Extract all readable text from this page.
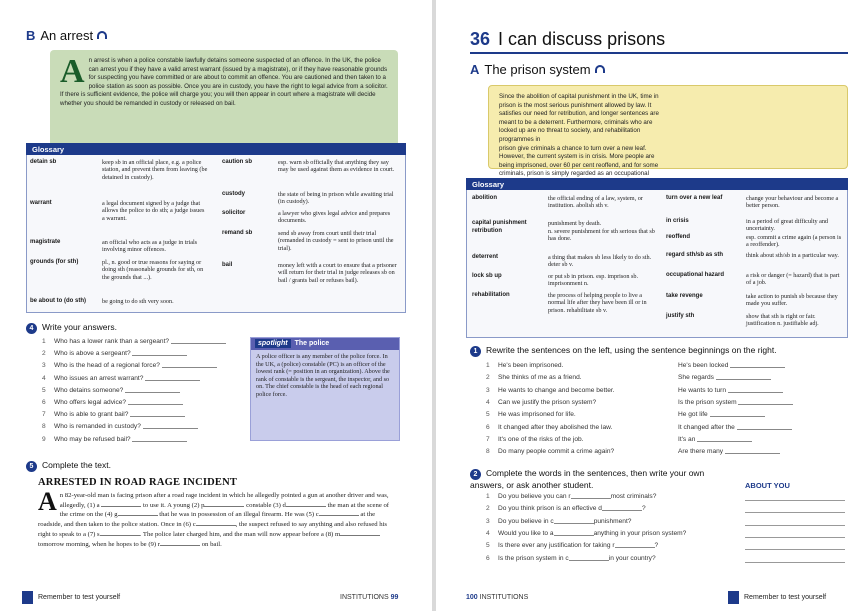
B An arrest
An arrest is when a police constable lawfully detains someone suspected of an offence. In the UK, the police can arrest you if they have a valid arrest warrant (issued by a magistrate), or if they have reasonable grounds for suspecting you have committed or are about to commit an offence. You are cautioned and then taken to a police station as soon as possible. Once you are in custody, you have the right to legal advice from a solicitor. If there is sufficient evidence, the police will charge you; you will then appear in court where a magistrate will decide whether you should be remanded in custody or released on bail.
Glossary
detain sb	keep sb in an official place, e.g. a police station, and prevent them from leaving (be detained in custody).
warrant	a legal document signed by a judge that allows the police to do sth; a judge issues a warrant.
magistrate	an official who acts as a judge in trials involving minor offences.
grounds (for sth)	pl., n. good or true reasons for saying or doing sth (reasonable grounds for sth, on the grounds that ...).
be about to (do sth)	be going to do sth very soon.
caution sb	esp. warn sb officially that anything they say may be used against them as evidence in court.
custody	the state of being in prison while awaiting trial (in custody).
solicitor	a lawyer who gives legal advice and prepares documents.
remand sb	send sb away from court until their trial (remanded in custody = sent to prison until the trial).
bail	money left with a court to ensure that a prisoner will return for their trial in judge releases sb on bail / grants bail or refuses bail).
4 Write your answers.
1 Who has a lower rank than a sergeant?
2 Who is above a sergeant?
3 Who is the head of a regional force?
4 Who issues an arrest warrant?
5 Who detains someone?
6 Who offers legal advice?
7 Who is able to grant bail?
8 Who is remanded in custody?
9 Who may be refused bail?
spotlight The police
A police officer is any member of the police force. In the UK, a (police) constable (PC) is an officer of the lowest rank (= position in an organization). Above the rank of constable is the sergeant, the inspector, and so on. The chief constable is the head of each regional police force.
5 Complete the text.
ARRESTED IN ROAD RAGE INCIDENT
An 82-year-old man is facing prison after a road rage incident in which he allegedly pointed a gun at another driver and was, allegedly, (1) a	to use it. A young (2) p	constable (3) d	the man at the scene of the crime on the (4) g	that he was in possession of an illegal firearm. He was (5) c	at the roadside, and then taken to the police station. Once in (6) c	, the suspect refused to say anything and also refused his right to speak to a (7) s	. The police later charged him, and the man will now appear before a (8) m tomorrow morning, when he hopes to be (9) r	on bail.
Remember to test yourself	INSTITUTIONS 99
36 I can discuss prisons
A The prison system
Since the abolition of capital punishment in the UK, time in prison is the most serious punishment allowed by law. It satisfies our need for retribution, and longer sentences are meant to be a deterrent. Furthermore, criminals who are locked up are no threat to society, and rehabilitation programmes inprison give criminals a chance to turn over a new leaf. However, the current system is in crisis. More people are being imprisoned, over 60 per cent reoffend, and for some criminals, prison is simply regarded as an occupational
Glossary
abolition	the official ending of a law, system, or institution. abolish sth v.
capital punishment	punishment by death.
retribution	n. severe punishment for sth serious that sb has done.
deterrent	a thing that makes sb less likely to do sth. deter sb v.
lock sb up	or put sb in prison. esp. imprison sb. imprisonment n.
rehabilitation	the process of helping people to live a normal life after they have been ill or in prison. rehabilitate sb v.
turn over a new leaf	change your behaviour and become a better person.
in crisis	in a period of great difficulty and uncertainty.
reoffend	esp. commit a crime again (a person is a reoffender).
regard sth/sb as sth	think about sth/sb in a particular way.
occupational hazard	a risk or danger (= hazard) that is part of a job.
take revenge	take action to punish sb because they made you suffer.
justify sth	show that sth is right or fair. justification n. justifiable adj.
1 Rewrite the sentences on the left, using the sentence beginnings on the right.
1 He's been imprisoned.	He's been locked
2 She thinks of me as a friend.	She regards
3 He wants to change and become better.	He wants to turn
4 Can we justify the prison system?	Is the prison system
5 He was imprisoned for life.	He got life
6 It changed after they abolished the law.	It changed after the
7 It's one of the risks of the job.	It's an
8 Do many people commit a crime again?	Are there many
2 Complete the words in the sentences, then write your own answers, or ask another student.	ABOUT YOU
1 Do you believe you can r	most criminals?
2 Do you think prison is an effective d	?
3 Do you believe in c	punishment?
4 Would you like to a	anything in your prison system?
5 Is there ever any justification for taking r	?
6 Is the prison system in c	in your country?
100 INSTITUTIONS	Remember to test yourself
